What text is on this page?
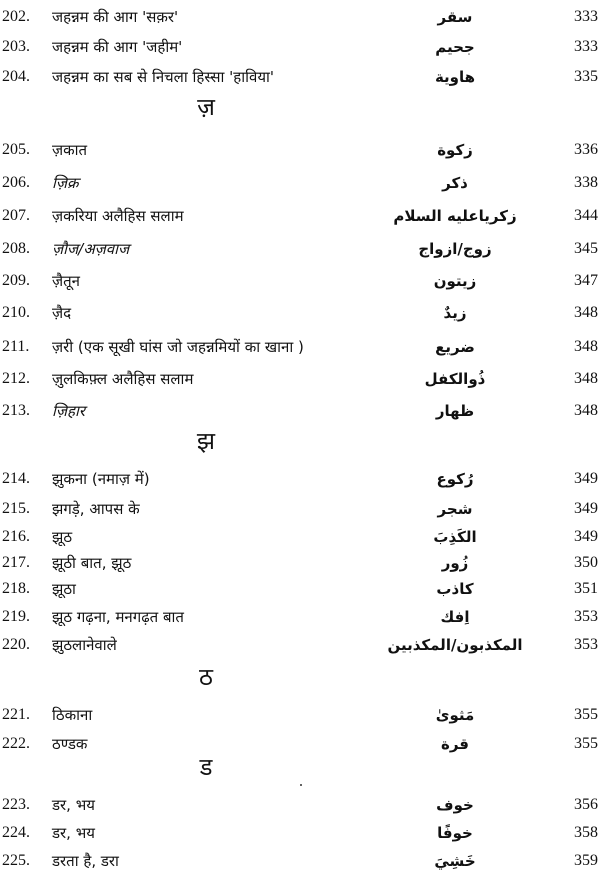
202. जहन्नम की आग 'सक़र'	سقر	333
203. जहन्नम की आग 'जहीम'	جحيم	333
204. जहन्नम का सब से निचला हिस्सा 'हाविया'	هاوية	335
ज़
205. ज़कात	زكوة	336
206. ज़िक्र	ذكر	338
207. ज़करिया अलैहिस सलाम	زكرياعليه السلام	344
208. ज़ौज/अज़वाज	زوج/ازواج	345
209. ज़ैतून	زيتون	347
210. ज़ैद	زيدٌ	348
211. ज़री (एक सूखी घांस जो जहन्नमियों का खाना )	ضريع	348
212. ज़ुलकिफ़्ल अलैहिस सलाम	ذُوالكفل	348
213. ज़िहार	ظهار	348
झ
214. झुकना (नमाज़ में)	رُكوع	349
215. झगड़े, आपस के	شجر	349
216. झूठ	الكَذِبَ	349
217. झूठी बात, झूठ	زُور	350
218. झूठा	كاذب	351
219. झूठ गढ़ना, मनगढ़त बात	اِفك	353
220. झुठलानेवाले	المكذبون/المكذبين	353
ठ
221. ठिकाना	مَثوىٰ	355
222. ठण्डक	قرة	355
ड
223. डर, भय	خوف	356
224. डर, भय	خوفًا	358
225. डरता है, डरा	خَشِيَ	359
